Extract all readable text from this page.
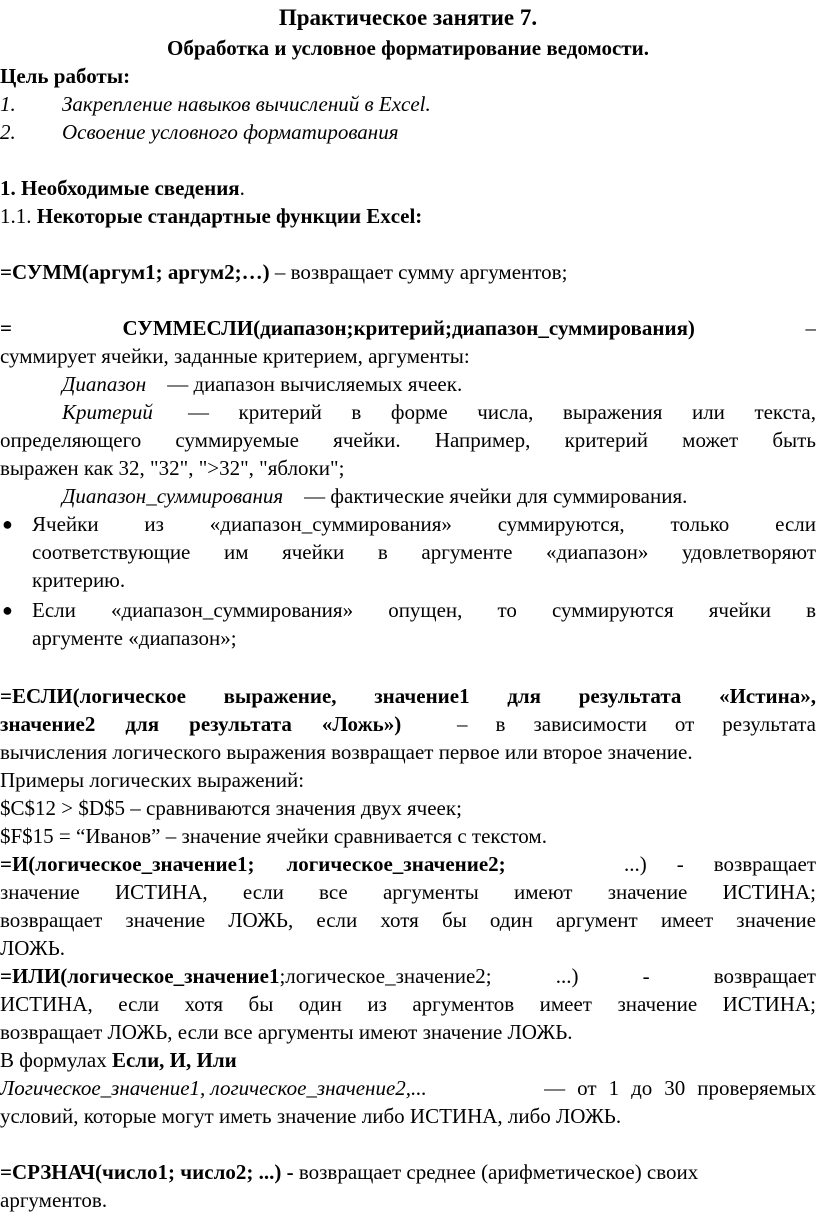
Практическое занятие 7.
Обработка и условное форматирование ведомости.
Цель работы:
1. Закрепление навыков вычислений в Excel.
2. Освоение условного форматирования
1. Необходимые сведения.
1.1. Некоторые стандартные функции Excel:
=СУММ(аргум1; аргум2;…) – возвращает сумму аргументов;
=	СУММЕСЛИ(диапазон;критерий;диапазон_суммирования)	–
суммирует ячейки, заданные критерием, аргументы:
Диапазон    — диапазон вычисляемых ячеек.
Критерий — критерий в форме числа, выражения или текста,
определяющего суммируемые ячейки. Например, критерий может быть
выражен как 32, "32", ">32", "яблоки";
Диапазон_суммирования    — фактические ячейки для суммирования.
● Ячейки из «диапазон_суммирования» суммируются, только если
соответствующие им ячейки в аргументе «диапазон» удовлетворяют
критерию.
● Если «диапазон_суммирования» опущен, то суммируются ячейки в
аргументе «диапазон»;
=ЕСЛИ(логическое выражение, значение1 для результата «Истина»,
значение2 для результата «Ложь»)	– в зависимости от результата
вычисления логического выражения возвращает первое или второе значение.
Примеры логических выражений:
$C$12 > $D$5 – сравниваются значения двух ячеек;
$F$15 = “Иванов” – значение ячейки сравнивается с текстом.
=И(логическое_значение1; логическое_значение2;	...) - возвращает
значение ИСТИНА, если все аргументы имеют значение ИСТИНА;
возвращает значение ЛОЖЬ, если хотя бы один аргумент имеет значение
ЛОЖЬ.
=ИЛИ(логическое_значение1 ;логическое_значение2;	...)	-	возвращает
ИСТИНА, если хотя бы один из аргументов имеет значение ИСТИНА;
возвращает ЛОЖЬ, если все аргументы имеют значение ЛОЖЬ.
В формулах Если, И, Или
Логическое_значение1, логическое_значение2,...	— от 1 до 30 проверяемых
условий, которые могут иметь значение либо ИСТИНА, либо ЛОЖЬ.
=СРЗНАЧ(число1; число2; ...) - возвращает среднее (арифметическое) своих
аргументов.
